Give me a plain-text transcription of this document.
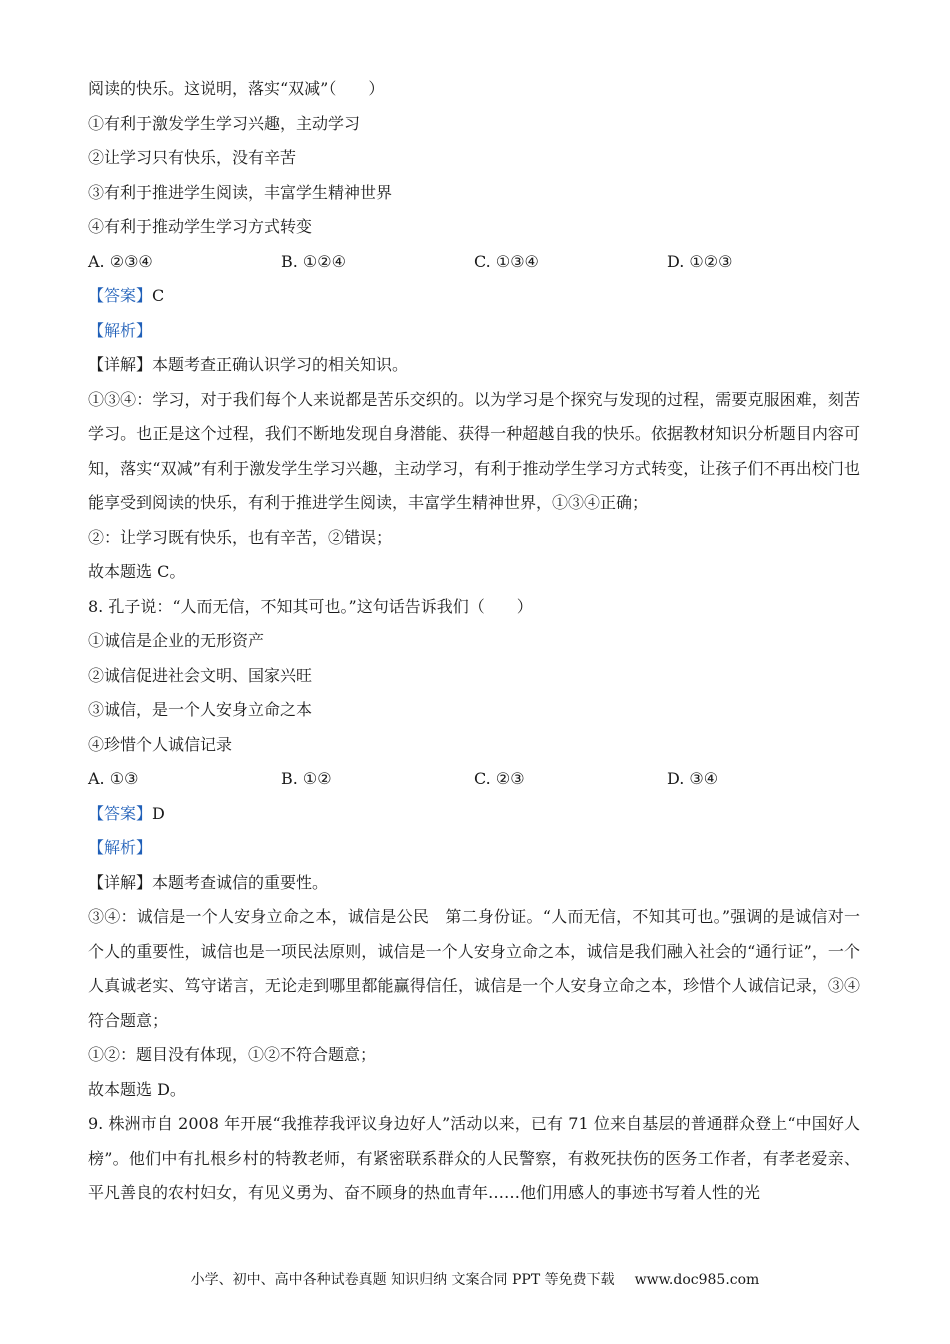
阅读的快乐。这说明，落实“双减”（　　）
①有利于激发学生学习兴趣，主动学习
②让学习只有快乐，没有辛苦
③有利于推进学生阅读，丰富学生精神世界
④有利于推动学生学习方式转变
A. ②③④	B. ①②④	C. ①③④	D. ①②③
【答案】C
【解析】
【详解】本题考查正确认识学习的相关知识。
①③④：学习，对于我们每个人来说都是苦乐交织的。以为学习是个探究与发现的过程，需要克服困难，刻苦学习。也正是这个过程，我们不断地发现自身潜能、获得一种超越自我的快乐。依据教材知识分析题目内容可知，落实“双减”有利于激发学生学习兴趣，主动学习，有利于推动学生学习方式转变，让孩子们不再出校门也能享受到阅读的快乐，有利于推进学生阅读，丰富学生精神世界，①③④正确；
②：让学习既有快乐，也有辛苦，②错误；
故本题选 C。
8. 孔子说：“人而无信，不知其可也。”这句话告诉我们（　　）
①诚信是企业的无形资产
②诚信促进社会文明、国家兴旺
③诚信，是一个人安身立命之本
④珍惜个人诚信记录
A. ①③	B. ①②	C. ②③	D. ③④
【答案】D
【解析】
【详解】本题考查诚信的重要性。
③④：诚信是一个人安身立命之本，诚信是公民　第二身份证。“人而无信，不知其可也。”强调的是诚信对一个人的重要性，诚信也是一项民法原则，诚信是一个人安身立命之本，诚信是我们融入社会的“通行证”，一个人真诚老实、笃守诺言，无论走到哪里都能赢得信任，诚信是一个人安身立命之本，珍惜个人诚信记录，③④符合题意；
①②：题目没有体现，①②不符合题意；
故本题选 D。
9. 株洲市自 2008 年开展“我推荐我评议身边好人”活动以来，已有 71 位来自基层的普通群众登上“中国好人榜”。他们中有扎根乡村的特教老师，有紧密联系群众的人民警察，有救死扶伤的医务工作者，有孝老爱亲、平凡善良的农村妇女，有见义勇为、奋不顾身的热血青年……他们用感人的事迹书写着人性的光
小学、初中、高中各种试卷真题 知识归纳 文案合同 PPT 等免费下载 www.doc985.com
